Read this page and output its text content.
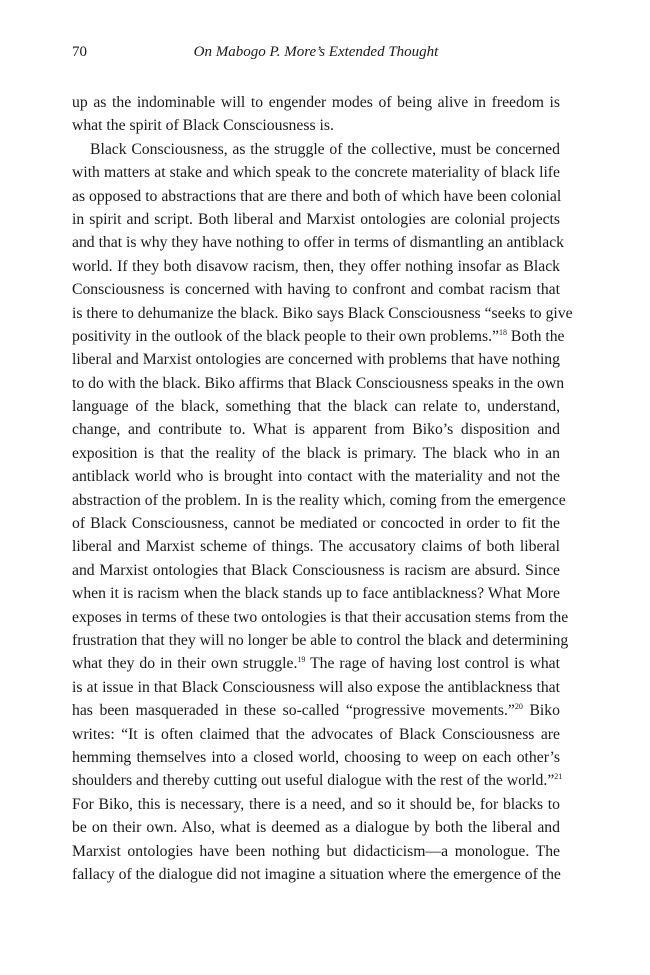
70	On Mabogo P. More’s Extended Thought
up as the indominable will to engender modes of being alive in freedom is
what the spirit of Black Consciousness is.
Black Consciousness, as the struggle of the collective, must be concerned
with matters at stake and which speak to the concrete materiality of black life
as opposed to abstractions that are there and both of which have been colonial
in spirit and script. Both liberal and Marxist ontologies are colonial projects
and that is why they have nothing to offer in terms of dismantling an antiblack
world. If they both disavow racism, then, they offer nothing insofar as Black
Consciousness is concerned with having to confront and combat racism that
is there to dehumanize the black. Biko says Black Consciousness “seeks to give
positivity in the outlook of the black people to their own problems.”$^{18}$ Both the
liberal and Marxist ontologies are concerned with problems that have nothing
to do with the black. Biko affirms that Black Consciousness speaks in the own
language of the black, something that the black can relate to, understand,
change, and contribute to. What is apparent from Biko’s disposition and
exposition is that the reality of the black is primary. The black who in an
antiblack world who is brought into contact with the materiality and not the
abstraction of the problem. In is the reality which, coming from the emergence
of Black Consciousness, cannot be mediated or concocted in order to fit the
liberal and Marxist scheme of things. The accusatory claims of both liberal
and Marxist ontologies that Black Consciousness is racism are absurd. Since
when it is racism when the black stands up to face antiblackness? What More
exposes in terms of these two ontologies is that their accusation stems from the
frustration that they will no longer be able to control the black and determining
what they do in their own struggle.$^{19}$ The rage of having lost control is what
is at issue in that Black Consciousness will also expose the antiblackness that
has been masqueraded in these so-called “progressive movements.”$^{20}$ Biko
writes: “It is often claimed that the advocates of Black Consciousness are
hemming themselves into a closed world, choosing to weep on each other’s
shoulders and thereby cutting out useful dialogue with the rest of the world.”$^{21}$
For Biko, this is necessary, there is a need, and so it should be, for blacks to
be on their own. Also, what is deemed as a dialogue by both the liberal and
Marxist ontologies have been nothing but didacticism—a monologue. The
fallacy of the dialogue did not imagine a situation where the emergence of the
